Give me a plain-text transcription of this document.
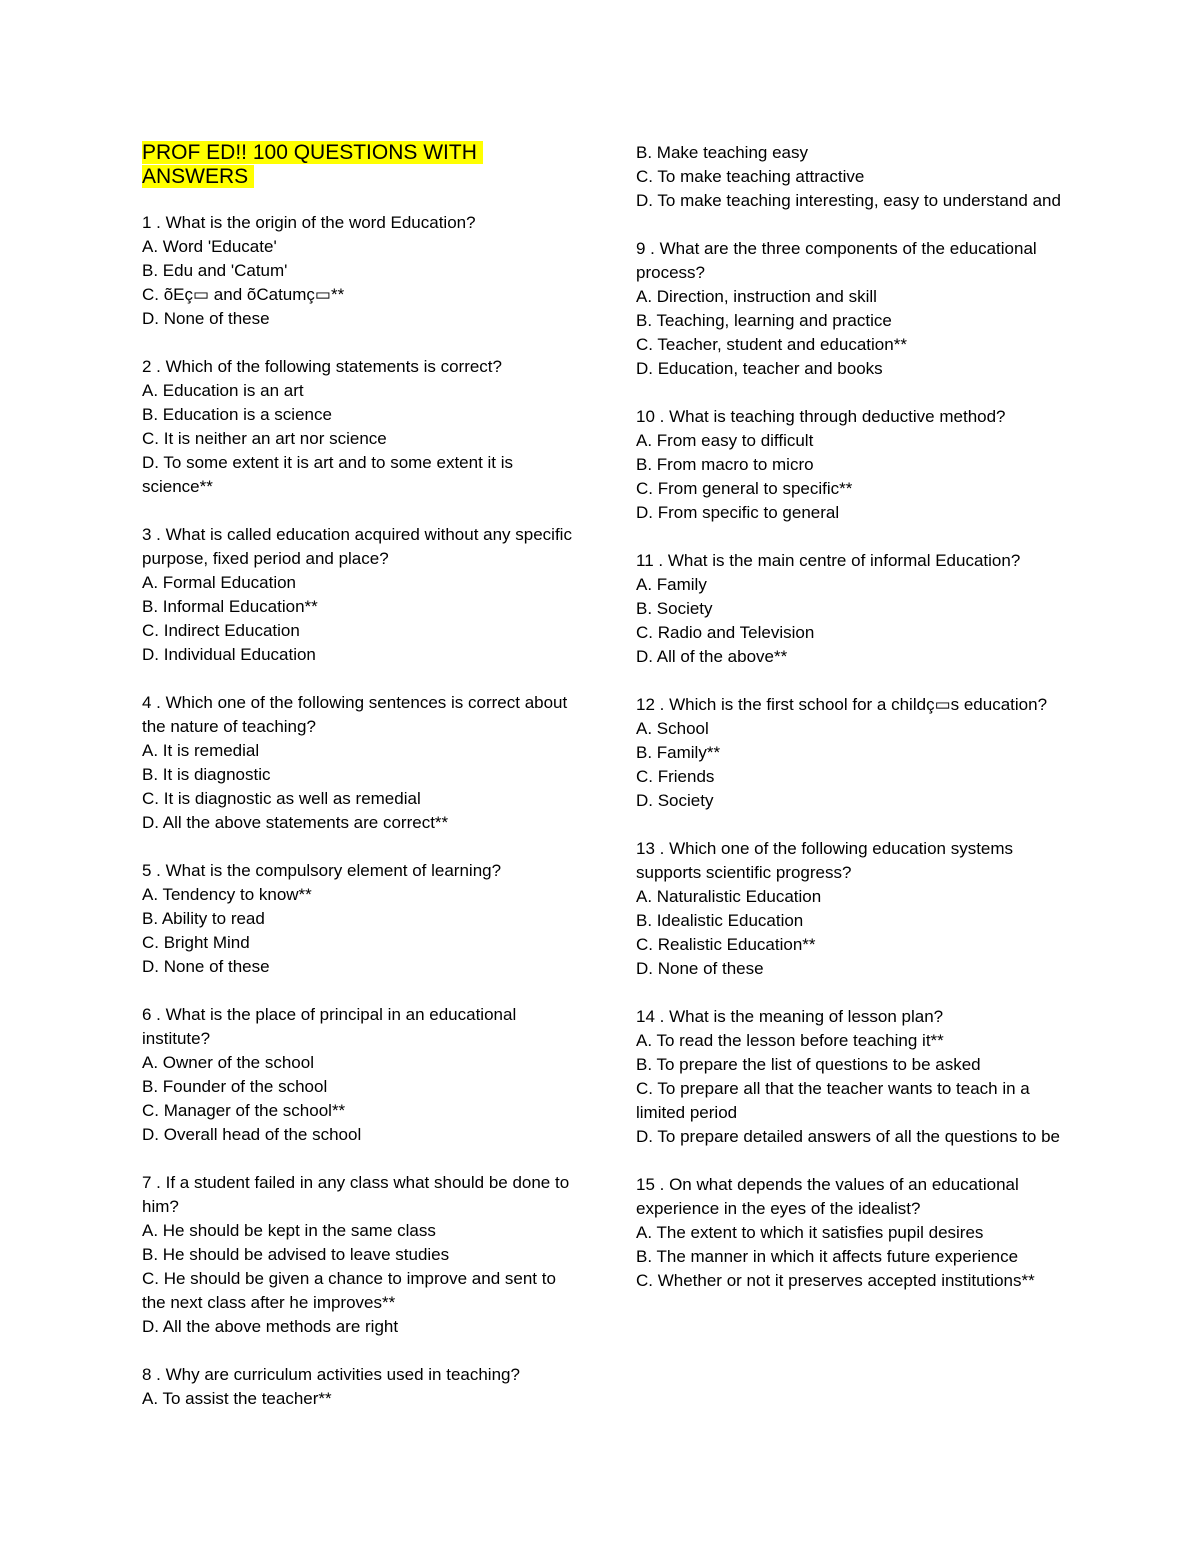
PROF ED!! 100 QUESTIONS WITH ANSWERS

1 . What is the origin of the word Education?

A. Word 'Educate'

B. Edu and 'Catum'

C. õEç▭ and õCatumç▭**

D. None of these

2 . Which of the following statements is correct?

A. Education is an art

B. Education is a science

C. It is neither an art nor science

D. To some extent it is art and to some extent it is science**

3 . What is called education acquired without any specific purpose, fixed period and place?

A. Formal Education

B. Informal Education**

C. Indirect Education

D. Individual Education

4 . Which one of the following sentences is correct about the nature of teaching?

A. It is remedial

B. It is diagnostic

C. It is diagnostic as well as remedial

D. All the above statements are correct**

5 . What is the compulsory element of learning?

A. Tendency to know**

B. Ability to read

C. Bright Mind

D. None of these

6 . What is the place of principal in an educational institute?

A. Owner of the school

B. Founder of the school

C. Manager of the school**

D. Overall head of the school

7 . If a student failed in any class what should be done to him?

A. He should be kept in the same class

B. He should be advised to leave studies

C. He should be given a chance to improve and sent to the next class after he improves**

D. All the above methods are right

8 . Why are curriculum activities used in teaching?

A. To assist the teacher**

B. Make teaching easy

C. To make teaching attractive

D. To make teaching interesting, easy to understand and

9 . What are the three components of the educational process?

A. Direction, instruction and skill

B. Teaching, learning and practice

C. Teacher, student and education**

D. Education, teacher and books

10 . What is teaching through deductive method?

A. From easy to difficult

B. From macro to micro

C. From general to specific**

D. From specific to general

11 . What is the main centre of informal Education?

A. Family

B. Society

C. Radio and Television

D. All of the above**

12 . Which is the first school for a childç▭s education?

A. School

B. Family**

C. Friends

D. Society

13 . Which one of the following education systems supports scientific progress?

A. Naturalistic Education

B. Idealistic Education

C. Realistic Education**

D. None of these

14 . What is the meaning of lesson plan?

A. To read the lesson before teaching it**

B. To prepare the list of questions to be asked

C. To prepare all that the teacher wants to teach in a limited period

D. To prepare detailed answers of all the questions to be

15 . On what depends the values of an educational experience in the eyes of the idealist?

A. The extent to which it satisfies pupil desires

B. The manner in which it affects future experience

C. Whether or not it preserves accepted institutions**
